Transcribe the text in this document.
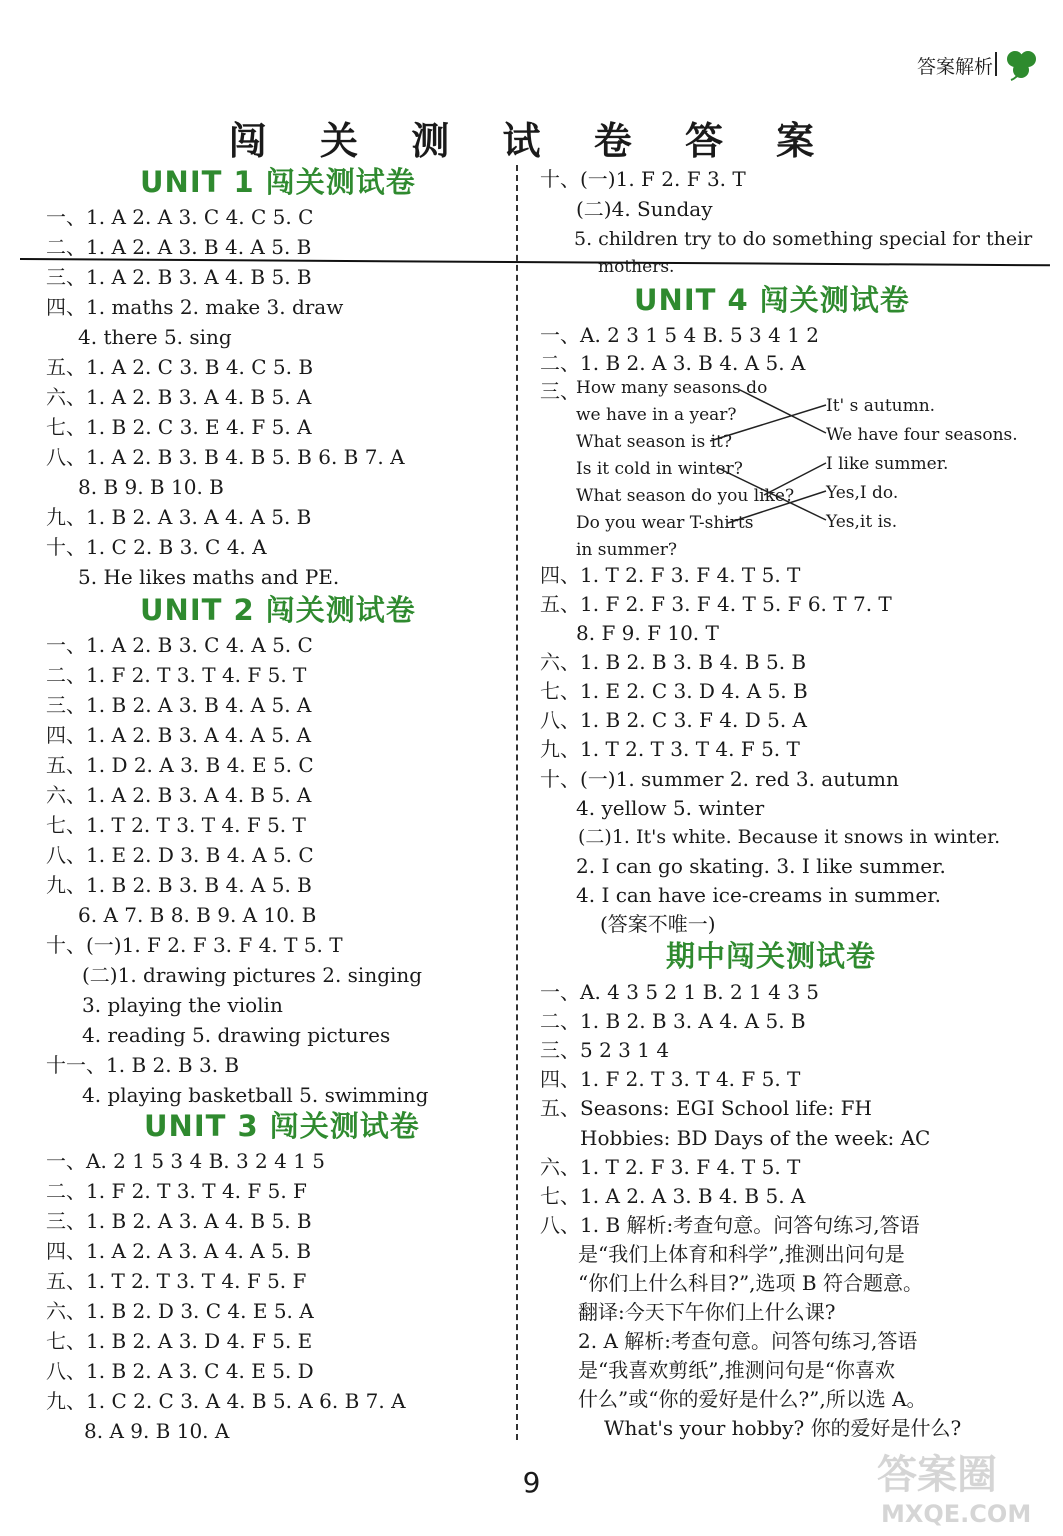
答案解析
闯 关 测 试 卷 答 案
UNIT 1 闯关测试卷
一、1. A 2. A 3. C 4. C 5. C
二、1. A 2. A 3. B 4. A 5. B
三、1. A 2. B 3. A 4. B 5. B
四、1. maths 2. make 3. draw
4. there 5. sing
五、1. A 2. C 3. B 4. C 5. B
六、1. A 2. B 3. A 4. B 5. A
七、1. B 2. C 3. E 4. F 5. A
八、1. A 2. B 3. B 4. B 5. B 6. B 7. A
8. B 9. B 10. B
九、1. B 2. A 3. A 4. A 5. B
十、1. C 2. B 3. C 4. A
5. He likes maths and PE.
UNIT 2 闯关测试卷
一、1. A 2. B 3. C 4. A 5. C
二、1. F 2. T 3. T 4. F 5. T
三、1. B 2. A 3. B 4. A 5. A
四、1. A 2. B 3. A 4. A 5. A
五、1. D 2. A 3. B 4. E 5. C
六、1. A 2. B 3. A 4. B 5. A
七、1. T 2. T 3. T 4. F 5. T
八、1. E 2. D 3. B 4. A 5. C
九、1. B 2. B 3. B 4. A 5. B
6. A 7. B 8. B 9. A 10. B
十、(一)1. F 2. F 3. F 4. T 5. T
(二)1. drawing pictures 2. singing
3. playing the violin
4. reading 5. drawing pictures
十一、1. B 2. B 3. B
4. playing basketball 5. swimming
UNIT 3 闯关测试卷
一、A. 2 1 5 3 4 B. 3 2 4 1 5
二、1. F 2. T 3. T 4. F 5. F
三、1. B 2. A 3. A 4. B 5. B
四、1. A 2. A 3. A 4. A 5. B
五、1. T 2. T 3. T 4. F 5. F
六、1. B 2. D 3. C 4. E 5. A
七、1. B 2. A 3. D 4. F 5. E
八、1. B 2. A 3. C 4. E 5. D
九、1. C 2. C 3. A 4. B 5. A 6. B 7. A
8. A 9. B 10. A
十、(一)1. F 2. F 3. T
(二)4. Sunday
5. children try to do something special for their
mothers.
UNIT 4 闯关测试卷
一、A. 2 3 1 5 4 B. 5 3 4 1 2
二、1. B 2. A 3. B 4. A 5. A
三、
How many seasons do
we have in a year?
What season is it?
Is it cold in winter?
What season do you like?
Do you wear T-shirts
in summer?
It' s autumn.
We have four seasons.
I like summer.
Yes,I do.
Yes,it is.
四、1. T 2. F 3. F 4. T 5. T
五、1. F 2. F 3. F 4. T 5. F 6. T 7. T
8. F 9. F 10. T
六、1. B 2. B 3. B 4. B 5. B
七、1. E 2. C 3. D 4. A 5. B
八、1. B 2. C 3. F 4. D 5. A
九、1. T 2. T 3. T 4. F 5. T
十、(一)1. summer 2. red 3. autumn
4. yellow 5. winter
(二)1. It's white. Because it snows in winter.
2. I can go skating. 3. I like summer.
4. I can have ice-creams in summer.
(答案不唯一)
期中闯关测试卷
一、A. 4 3 5 2 1 B. 2 1 4 3 5
二、1. B 2. B 3. A 4. A 5. B
三、5 2 3 1 4
四、1. F 2. T 3. T 4. F 5. T
五、Seasons: EGI School life: FH
Hobbies: BD Days of the week: AC
六、1. T 2. F 3. F 4. T 5. T
七、1. A 2. A 3. B 4. B 5. A
八、1. B 解析:考查句意。问答句练习,答语
是“我们上体育和科学”,推测出问句是
“你们上什么科目?”,选项 B 符合题意。
翻译:今天下午你们上什么课?
2. A 解析:考查句意。问答句练习,答语
是“我喜欢剪纸”,推测问句是“你喜欢
什么”或“你的爱好是什么?”,所以选 A。
What's your hobby? 你的爱好是什么?
9	答案圈
MXQE.COM
